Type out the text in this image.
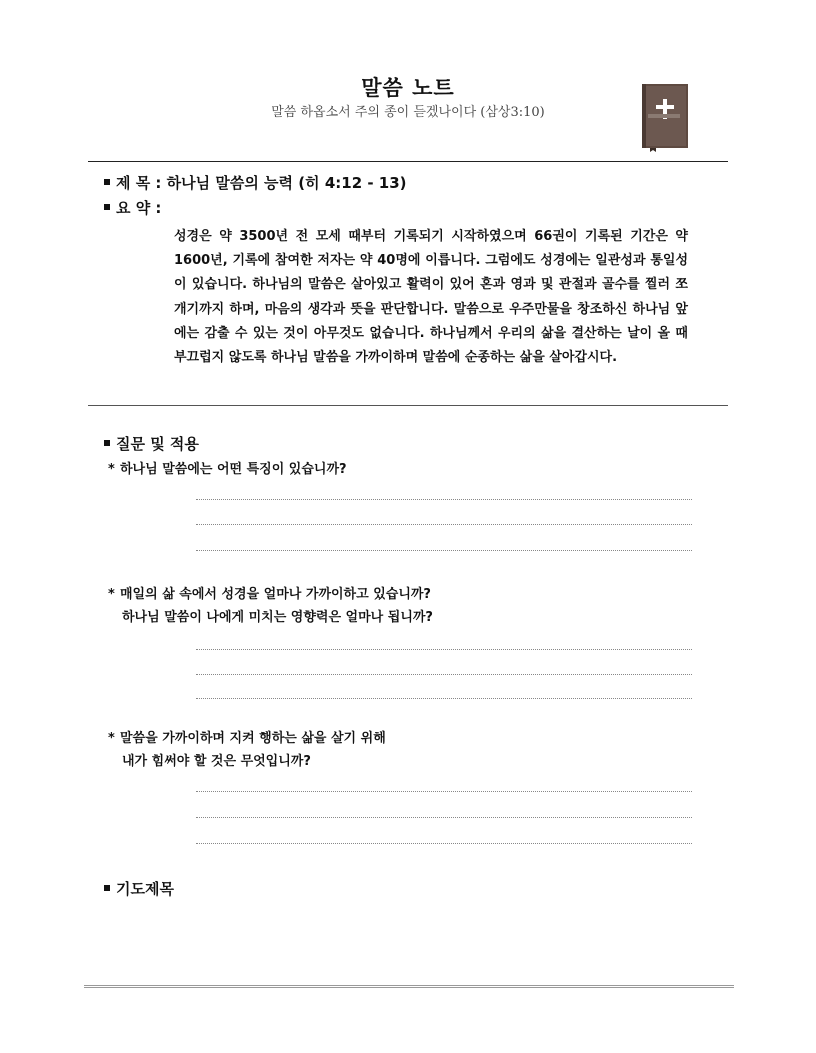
말씀 노트
말씀 하옵소서 주의 종이 듣겠나이다 (삼상3:10)
제 목 : 하나님 말씀의 능력 (히 4:12 - 13)
요 약 :
성경은 약 3500년 전 모세 때부터 기록되기 시작하였으며 66권이 기록된 기간은 약 1600년, 기록에 참여한 저자는 약 40명에 이릅니다. 그럼에도 성경에는 일관성과 통일성이 있습니다. 하나님의 말씀은 살아있고 활력이 있어 혼과 영과 및 관절과 골수를 찔러 쪼개기까지 하며, 마음의 생각과 뜻을 판단합니다. 말씀으로 우주만물을 창조하신 하나님 앞에는 감출 수 있는 것이 아무것도 없습니다. 하나님께서 우리의 삶을 결산하는 날이 올 때 부끄럽지 않도록 하나님 말씀을 가까이하며 말씀에 순종하는 삶을 살아갑시다.
질문 및 적용
* 하나님 말씀에는 어떤 특징이 있습니까?
* 매일의 삶 속에서 성경을 얼마나 가까이하고 있습니까?
하나님 말씀이 나에게 미치는 영향력은 얼마나 됩니까?
* 말씀을 가까이하며 지켜 행하는 삶을 살기 위해
내가 힘써야 할 것은 무엇입니까?
기도제목
